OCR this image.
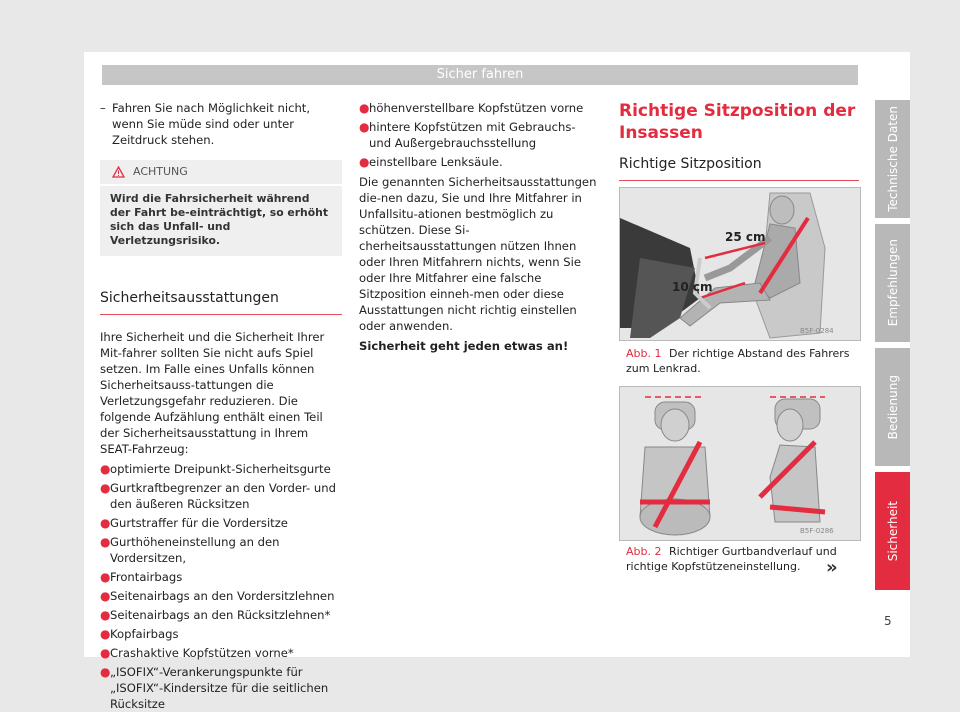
Sicher fahren
– Fahren Sie nach Möglichkeit nicht, wenn Sie müde sind oder unter Zeitdruck stehen.
ACHTUNG
Wird die Fahrsicherheit während der Fahrt be-einträchtigt, so erhöht sich das Unfall- und Verletzungsrisiko.
Sicherheitsausstattungen

Ihre Sicherheit und die Sicherheit Ihrer Mit-fahrer sollten Sie nicht aufs Spiel setzen. Im Falle eines Unfalls können Sicherheitsauss-tattungen die Verletzungsgefahr reduzieren. Die folgende Aufzählung enthält einen Teil der Sicherheitsausstattung in Ihrem SEAT-Fahrzeug:

● optimierte Dreipunkt-Sicherheitsgurte
● Gurtkraftbegrenzer an den Vorder- und den äußeren Rücksitzen
● Gurtstraffer für die Vordersitze
● Gurthöheneinstellung an den Vordersitzen,
● Frontairbags
● Seitenairbags an den Vordersitzlehnen
● Seitenairbags an den Rücksitzlehnen*
● Kopfairbags
● Crashaktive Kopfstützen vorne*
● „ISOFIX“-Verankerungspunkte für „ISOFIX“-Kindersitze für die seitlichen Rücksitze
● höhenverstellbare Kopfstützen vorne
● hintere Kopfstützen mit Gebrauchs- und Außergebrauchsstellung
● einstellbare Lenksäule.

Die genannten Sicherheitsausstattungen die-nen dazu, Sie und Ihre Mitfahrer in Unfallsitu-ationen bestmöglich zu schützen. Diese Si-cherheitsausstattungen nützen Ihnen oder Ihren Mitfahrern nichts, wenn Sie oder Ihre Mitfahrer eine falsche Sitzposition einneh-men oder diese Ausstattungen nicht richtig einstellen oder anwenden.

Sicherheit geht jeden etwas an!

Richtige Sitzposition der Insassen
Richtige Sitzposition
B5F-0284
25 cm
10 cm
Abb. 1 Der richtige Abstand des Fahrers zum Lenkrad.
B5F-0286
Abb. 2 Richtiger Gurtbandverlauf und richtige Kopfstützeneinstellung.	»
Technische Daten
Empfehlungen
Bedienung
Sicherheit
5
